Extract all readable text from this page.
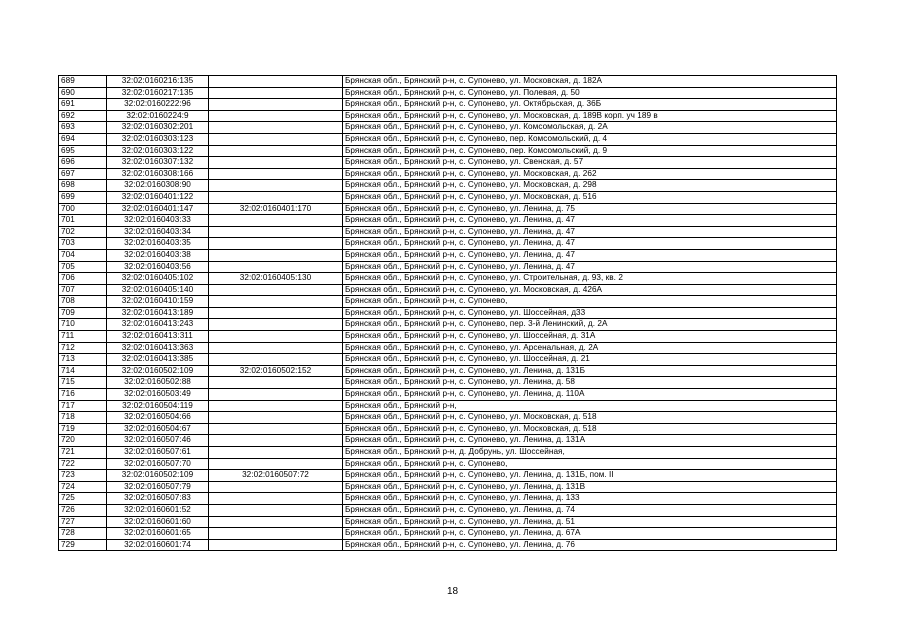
689	32:02:0160216:135		Брянская обл., Брянский р-н, с. Супонево, ул. Московская, д. 182А
690	32:02:0160217:135		Брянская обл., Брянский р-н, с. Супонево, ул. Полевая, д. 50
691	32:02:0160222:96		Брянская обл., Брянский р-н, с. Супонево, ул. Октябрьская, д. 36Б
692	32:02:0160224:9		Брянская обл., Брянский р-н, с. Супонево, ул. Московская, д. 189В корп. уч 189 в
693	32:02:0160302:201		Брянская обл., Брянский р-н, с. Супонево, ул. Комсомольская, д. 2А
694	32:02:0160303:123		Брянская обл., Брянский р-н, с. Супонево, пер. Комсомольский, д. 4
695	32:02:0160303:122		Брянская обл., Брянский р-н, с. Супонево, пер. Комсомольский, д. 9
696	32:02:0160307:132		Брянская обл., Брянский р-н, с. Супонево, ул. Свенская, д. 57
697	32:02:0160308:166		Брянская обл., Брянский р-н, с. Супонево, ул. Московская, д. 262
698	32:02:0160308:90		Брянская обл., Брянский р-н, с. Супонево, ул. Московская, д. 298
699	32:02:0160401:122		Брянская обл., Брянский р-н, с. Супонево, ул. Московская, д. 516
700	32:02:0160401:147	32:02:0160401:170	Брянская обл., Брянский р-н, с. Супонево, ул. Ленина, д. 75
701	32:02:0160403:33		Брянская обл., Брянский р-н, с. Супонево, ул. Ленина, д. 47
702	32:02:0160403:34		Брянская обл., Брянский р-н, с. Супонево, ул. Ленина, д. 47
703	32:02:0160403:35		Брянская обл., Брянский р-н, с. Супонево, ул. Ленина, д. 47
704	32:02:0160403:38		Брянская обл., Брянский р-н, с. Супонево, ул. Ленина, д. 47
705	32:02:0160403:56		Брянская обл., Брянский р-н, с. Супонево, ул. Ленина, д. 47
706	32:02:0160405:102	32:02:0160405:130	Брянская обл., Брянский р-н, с. Супонево, ул. Строительная, д. 93, кв. 2
707	32:02:0160405:140		Брянская обл., Брянский р-н, с. Супонево, ул. Московская, д. 426А
708	32:02:0160410:159		Брянская обл., Брянский р-н, с. Супонево,
709	32:02:0160413:189		Брянская обл., Брянский р-н, с. Супонево, ул. Шоссейная, д33
710	32:02:0160413:243		Брянская обл., Брянский р-н, с. Супонево, пер. 3-й Ленинский, д. 2А
711	32:02:0160413:311		Брянская обл., Брянский р-н, с. Супонево, ул. Шоссейная, д. 31А
712	32:02:0160413:363		Брянская обл., Брянский р-н, с. Супонево, ул. Арсенальная, д. 2А
713	32:02:0160413:385		Брянская обл., Брянский р-н, с. Супонево, ул. Шоссейная, д. 21
714	32:02:0160502:109	32:02:0160502:152	Брянская обл., Брянский р-н, с. Супонево, ул. Ленина, д. 131Б
715	32:02:0160502:88		Брянская обл., Брянский р-н, с. Супонево, ул. Ленина, д. 58
716	32:02:0160503:49		Брянская обл., Брянский р-н, с. Супонево, ул. Ленина, д. 110А
717	32:02:0160504:119		Брянская обл., Брянский р-н,
718	32:02:0160504:66		Брянская обл., Брянский р-н, с. Супонево, ул. Московская, д. 518
719	32:02:0160504:67		Брянская обл., Брянский р-н, с. Супонево, ул. Московская, д. 518
720	32:02:0160507:46		Брянская обл., Брянский р-н, с. Супонево, ул. Ленина, д. 131А
721	32:02:0160507:61		Брянская обл., Брянский р-н, д. Добрунь, ул. Шоссейная,
722	32:02:0160507:70		Брянская обл., Брянский р-н, с. Супонево,
723	32:02:0160502:109	32:02:0160507:72	Брянская обл., Брянский р-н, с. Супонево, ул. Ленина, д. 131Б, пом. II
724	32:02:0160507:79		Брянская обл., Брянский р-н, с. Супонево, ул. Ленина, д. 131В
725	32:02:0160507:83		Брянская обл., Брянский р-н, с. Супонево, ул. Ленина, д. 133
726	32:02:0160601:52		Брянская обл., Брянский р-н, с. Супонево, ул. Ленина, д. 74
727	32:02:0160601:60		Брянская обл., Брянский р-н, с. Супонево, ул. Ленина, д. 51
728	32:02:0160601:65		Брянская обл., Брянский р-н, с. Супонево, ул. Ленина, д. 67А
729	32:02:0160601:74		Брянская обл., Брянский р-н, с. Супонево, ул. Ленина, д. 76
18
